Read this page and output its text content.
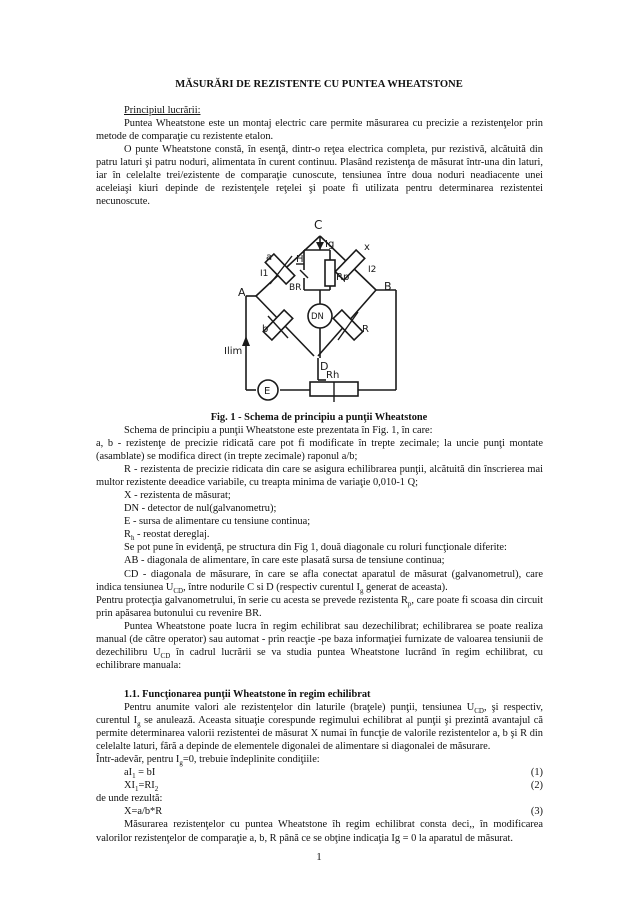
MĂSURĂRI DE REZISTENTE CU PUNTEA WHEATSTONE

Principiul lucrării:

Puntea Wheatstone este un montaj electric care permite măsurarea cu precizie a rezistenţelor prin metode de comparaţie cu rezistente etalon.

O punte Wheatstone constă, în esenţă, dintr-o reţea electrica completa, pur rezistivă, alcătuită din patru laturi şi patru noduri, alimentata în curent continuu. Plasând rezistenţa de măsurat într-una din laturi, iar în celelalte trei/ezistente de comparaţie cunoscute, tensiunea între doua noduri neadiacente unei aceleiaşi kiuri depinde de rezistenţele reţelei şi poate fi utilizata pentru determinarea rezistentei necunoscute.

C
Ig
H
BR
Rp
a
x
I1	I2
A	B
DN
b	R
D
Ilim
E
Rh
Fig. 1 - Schema de principiu a punţii Wheatstone

Schema de principiu a punţii Wheatstone este prezentata în Fig. 1, în care:

a, b - rezistenţe de precizie ridicată care pot fi modificate în trepte zecimale; la uncie punţi montate (asamblate) se modifica direct (in trepte zecimale) raponul a/b;

R - rezistenta de precizie ridicata din care se asigura echilibrarea punţii, alcătuită din înscrierea mai multor rezistente deeadice variabile, cu treapta minima de variaţie 0,010-1 Q;

X - rezistenta de măsurat;

DN - detector de nul(galvanometru);

E - sursa de alimentare cu tensiune continua;

$R_h$ - reostat dereglaj.

Se pot pune în evidenţă, pe structura din Fig 1, două diagonale cu roluri funcţionale diferite:

AB - diagonala de alimentare, în care este plasată sursa de tensiune continua;

CD - diagonala de măsurare, în care se afla conectat aparatul de măsurat (galvanometrul), care indica tensiunea $U_{CD}$, între nodurile C si D (respectiv curentul $I_g$ generat de aceasta).

Pentru protecţia galvanometrului, în serie cu acesta se prevede rezistenta $R_p$, care poate fi scoasa din circuit prin apăsarea butonului cu revenire BR.

Puntea Wheatstone poate lucra în regim echilibrat sau dezechilibrat; echilibrarea se poate realiza manual (de către operator) sau automat - prin reacţie -pe baza informaţiei furnizate de valoarea tensiunii de dezechilibru $U_{CD}$ în cadrul lucrării se va studia puntea Wheatstone lucrând în regim echilibrat, cu echilibrare manuala:

1.1. Funcţionarea punţii Wheatstone în regim echilibrat

Pentru anumite valori ale rezistenţelor din laturile (braţele) punţii, tensiunea $U_{CD}$, şi respectiv, curentul $I_g$ se anulează. Aceasta situaţie corespunde regimului echilibrat al punţii şi prezintă avantajul că permite determinarea valorii rezistentei de măsurat X numai în funcţie de valorile rezistentelor a, b şi R din celelalte laturi, fără a depinde de elementele digonalei de alimentare si diagonalei de măsurare.

Într-adevăr, pentru $I_g=0$, trebuie îndeplinite condiţiile:

$aI_1$ = bI	(1)
$XI_1=RI_2$	(2)

de unde rezultă:

X=a/b*R	(3)

Măsurarea rezistenţelor cu puntea Wheatstone îh regim echilibrat consta deci,, în modificarea valorilor rezistenţelor de comparaţie a, b, R până ce se obţine indicaţia Ig = 0 la aparatul de măsurat.

1
